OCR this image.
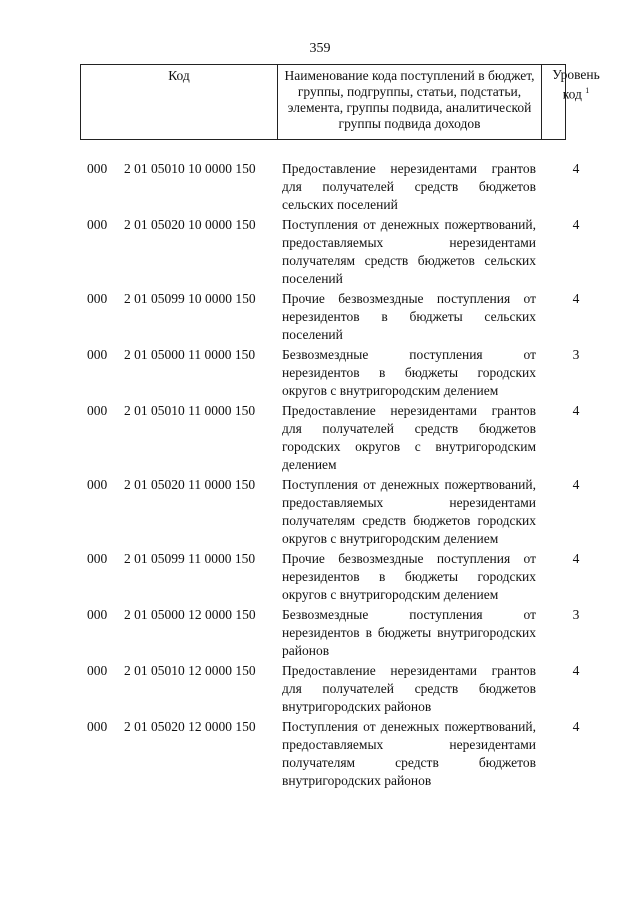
359
Код	Наименование кода поступлений в бюджет, группы, подгруппы, статьи, подстатьи, элемента, группы подвида, аналитической группы подвида доходов
Уровень код $^1$
000 2 01 05010 10 0000 150 Предоставление нерезидентами грантов для получателей средств бюджетов сельских поселений
4
000 2 01 05020 10 0000 150 Поступления от денежных пожертвований, предоставляемых нерезидентами получателям средств бюджетов сельских поселений
4
000 2 01 05099 10 0000 150 Прочие безвозмездные поступления от нерезидентов в бюджеты сельских поселений
4
000 2 01 05000 11 0000 150 Безвозмездные поступления от нерезидентов в бюджеты городских округов с внутригородским делением
3
000 2 01 05010 11 0000 150 Предоставление нерезидентами грантов для получателей средств бюджетов городских округов с внутригородским делением
4
000 2 01 05020 11 0000 150 Поступления от денежных пожертвований, предоставляемых нерезидентами получателям средств бюджетов городских округов с внутригородским делением
4
000 2 01 05099 11 0000 150 Прочие безвозмездные поступления от нерезидентов в бюджеты городских округов с внутригородским делением
4
000 2 01 05000 12 0000 150 Безвозмездные поступления от нерезидентов в бюджеты внутригородских районов
3
000 2 01 05010 12 0000 150 Предоставление нерезидентами грантов для получателей средств бюджетов внутригородских районов
4
000 2 01 05020 12 0000 150 Поступления от денежных пожертвований, предоставляемых нерезидентами получателям средств бюджетов внутригородских районов
4
